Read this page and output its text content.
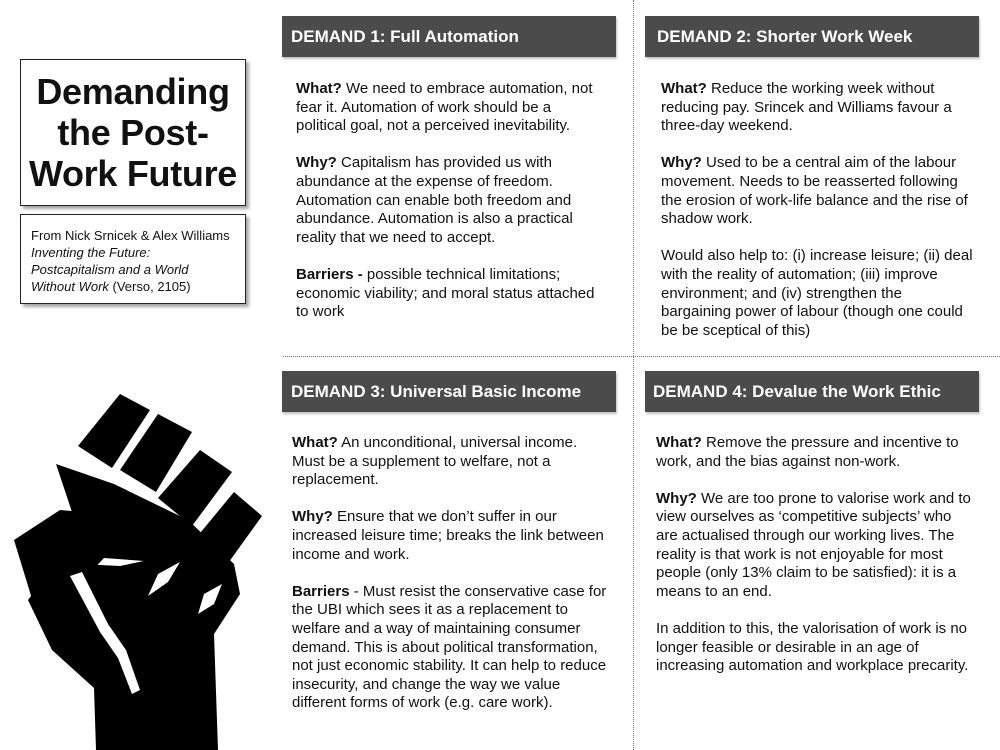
Demanding the Post-Work Future
From Nick Srnicek & Alex Williams Inventing the Future: Postcapitalism and a World Without Work (Verso, 2105)
DEMAND 1: Full Automation

What? We need to embrace automation, not fear it. Automation of work should be a political goal, not a perceived inevitability.

Why? Capitalism has provided us with abundance at the expense of freedom. Automation can enable both freedom and abundance. Automation is also a practical reality that we need to accept.

Barriers - possible technical limitations; economic viability; and moral status attached to work

DEMAND 2: Shorter Work Week

What? Reduce the working week without reducing pay. Srincek and Williams favour a three-day weekend.

Why? Used to be a central aim of the labour movement. Needs to be reasserted following the erosion of work-life balance and the rise of shadow work.

Would also help to: (i) increase leisure; (ii) deal with the reality of automation; (iii) improve environment; and (iv) strengthen the bargaining power of labour (though one could be be sceptical of this)

DEMAND 3: Universal Basic Income

What? An unconditional, universal income. Must be a supplement to welfare, not a replacement.

Why? Ensure that we don’t suffer in our increased leisure time; breaks the link between income and work.

Barriers - Must resist the conservative case for the UBI which sees it as a replacement to welfare and a way of maintaining consumer demand. This is about political transformation, not just economic stability. It can help to reduce insecurity, and change the way we value different forms of work (e.g. care work).

DEMAND 4: Devalue the Work Ethic

What? Remove the pressure and incentive to work, and the bias against non-work.

Why? We are too prone to valorise work and to view ourselves as ‘competitive subjects’ who are actualised through our working lives. The reality is that work is not enjoyable for most people (only 13% claim to be satisfied): it is a means to an end.

In addition to this, the valorisation of work is no longer feasible or desirable in an age of increasing automation and workplace precarity.
